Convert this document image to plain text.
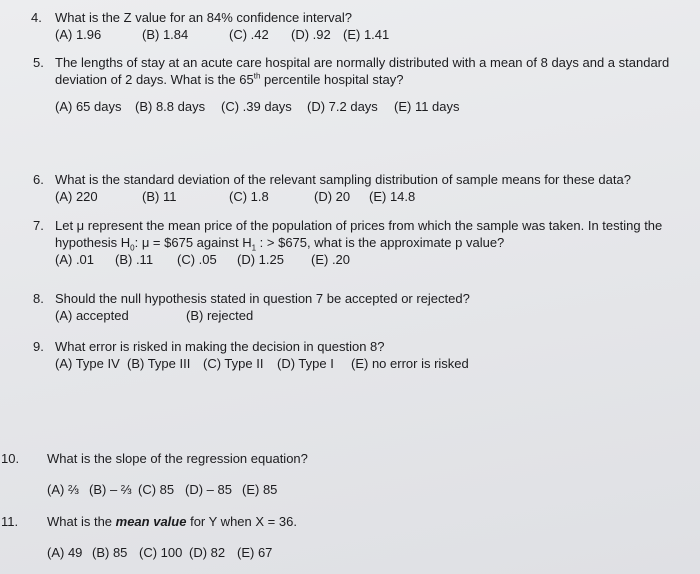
4. What is the Z value for an 84% confidence interval?
(A) 1.96	(B) 1.84	(C) .42 (D) .92 (E) 1.41
5. The lengths of stay at an acute care hospital are normally distributed with a mean of 8 days and a standard
deviation of 2 days. What is the 65th percentile hospital stay?
(A) 65 days (B) 8.8 days (C) .39 days (D) 7.2 days (E) 11 days
6. What is the standard deviation of the relevant sampling distribution of sample means for these data?
(A) 220	(B) 11	(C) 1.8	(D) 20 (E) 14.8
7. Let μ represent the mean price of the population of prices from which the sample was taken. In testing the
hypothesis $H_0$: μ = $675 against $H_1$ : > $675, what is the approximate p value?
(A) .01 (B) .11 (C) .05 (D) 1.25 (E) .20
8. Should the null hypothesis stated in question 7 be accepted or rejected?
(A) accepted	(B) rejected
9. What error is risked in making the decision in question 8?
(A) Type IV (B) Type III (C) Type II (D) Type I (E) no error is risked
10. What is the slope of the regression equation?
(A) ⅔ (B) – ⅔ (C) 85 (D) – 85 (E) 85
11. What is the mean value for Y when X = 36.
(A) 49 (B) 85 (C) 100 (D) 82 (E) 67
